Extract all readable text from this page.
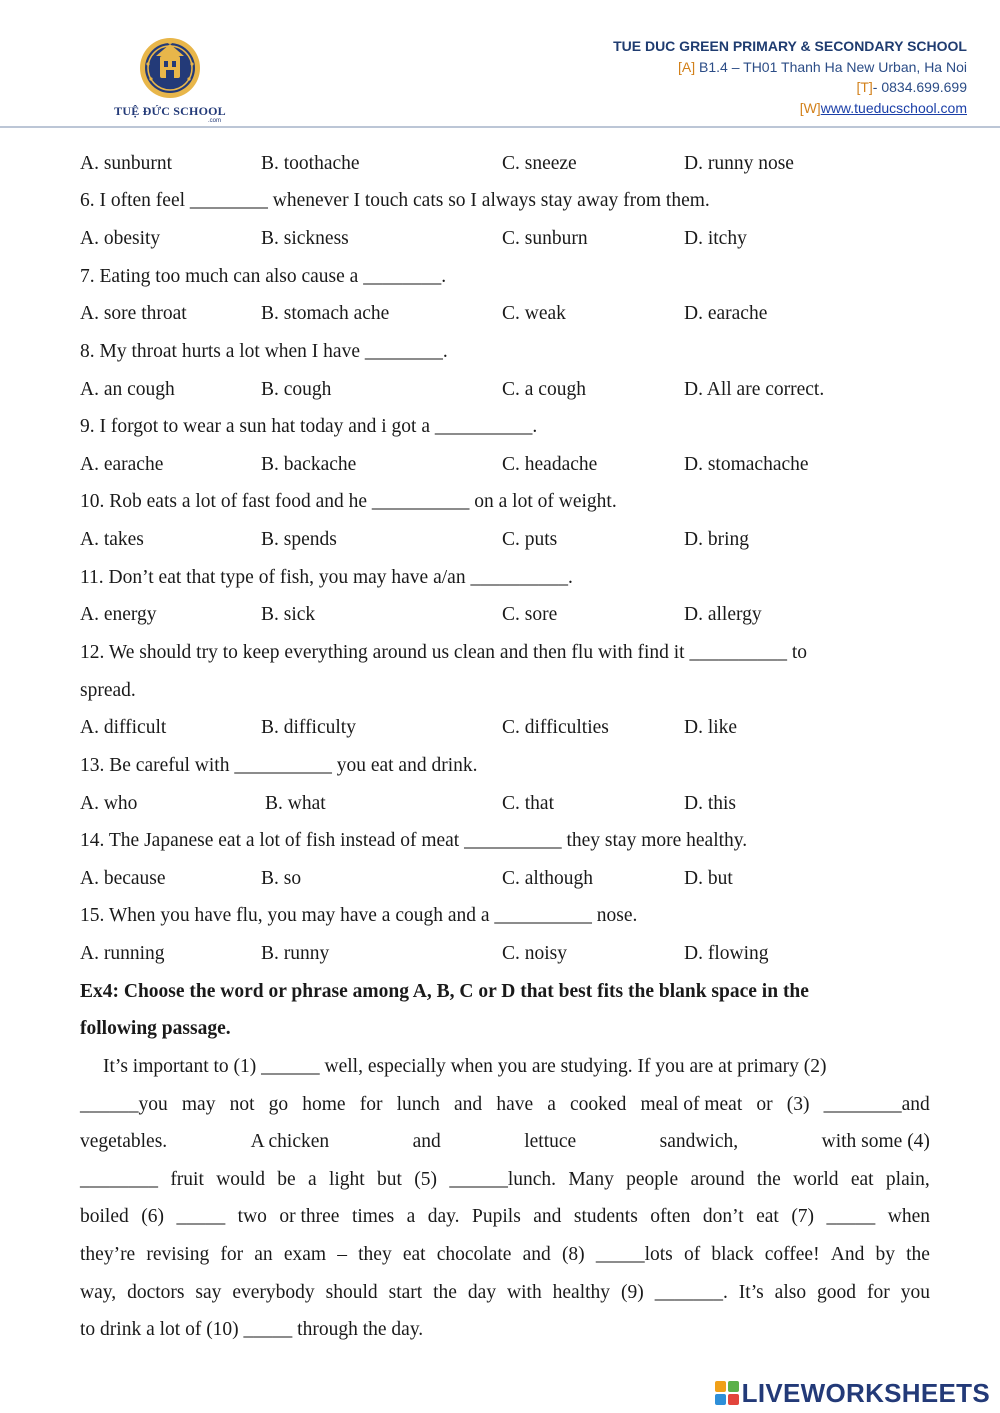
TUỆ ĐỨC SCHOOL
.com
TUE DUC GREEN PRIMARY & SECONDARY SCHOOL
[A] B1.4 – TH01 Thanh Ha New Urban, Ha Noi
[T]- 0834.699.699
[W]www.tueducschool.com
A. sunburnt	B. toothache	C. sneeze	D. runny nose
6. I often feel ________ whenever I touch cats so I always stay away from them.
A. obesity	B. sickness	C. sunburn	D. itchy
7. Eating too much can also cause a ________.
A. sore throat	B. stomach ache	C. weak	D. earache
8. My throat hurts a lot when I have ________.
A. an cough	B. cough	C. a cough	D. All are correct.
9. I forgot to wear a sun hat today and i got a __________.
A. earache	B. backache	C. headache	D. stomachache
10. Rob eats a lot of fast food and he __________ on a lot of weight.
A. takes	B. spends	C. puts	D. bring
11. Don’t eat that type of fish, you may have a/an __________.
A. energy	B. sick	C. sore	D. allergy
12. We should try to keep everything around us clean and then flu with find it __________ to
spread.
A. difficult	B. difficulty	C. difficulties	D. like
13. Be careful with __________ you eat and drink.
A. who	B. what	C. that	D. this
14. The Japanese eat a lot of fish instead of meat __________ they stay more healthy.
A. because	B. so	C. although	D. but
15. When you have flu, you may have a cough and a __________ nose.
A. running	B. runny	C. noisy	D. flowing
Ex4: Choose the word or phrase among A, B, C or D that best fits the blank space in the
following passage.
It’s important to (1) ______ well, especially when you are studying. If you are at primary (2)
______you may not go home for lunch and have a cooked meal of meat or (3) ________and
vegetables.	A chicken	and	lettuce	sandwich,	with some (4)
________ fruit would be a light but (5) ______lunch. Many people around the world eat plain,
boiled (6) _____ two or three times a day. Pupils and students often don’t eat (7) _____ when
they’re revising for an exam – they eat chocolate and (8) _____lots of black coffee! And by the
way, doctors say everybody should start the day with healthy (9) _______. It’s also good for you
to drink a lot of (10) _____ through the day.
LIVEWORKSHEETS
